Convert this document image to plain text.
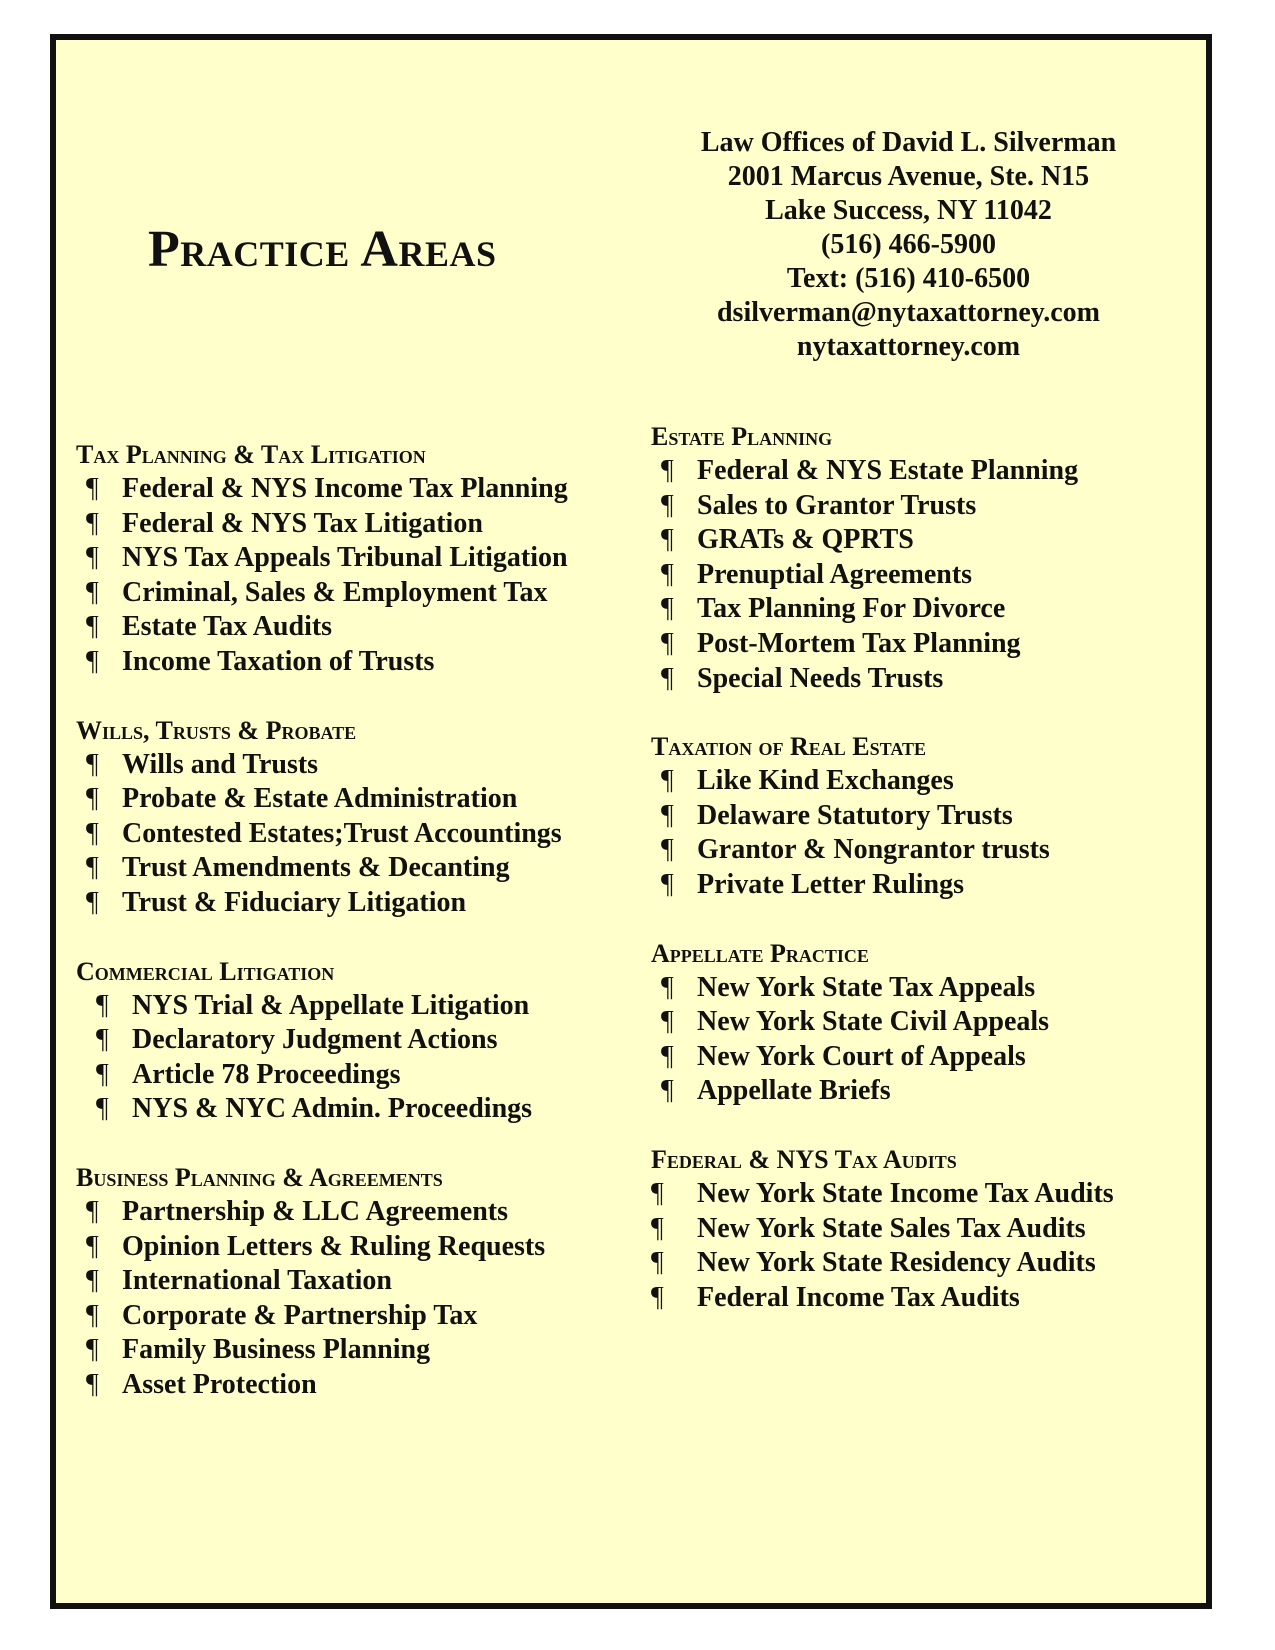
Practice Areas
Law Offices of David L. Silverman
2001 Marcus Avenue, Ste. N15
Lake Success, NY 11042
(516) 466-5900
Text: (516) 410-6500
dsilverman@nytaxattorney.com
nytaxattorney.com
Tax Planning & Tax Litigation
¶ Federal & NYS Income Tax Planning
¶ Federal & NYS Tax Litigation
¶ NYS Tax Appeals Tribunal Litigation
¶ Criminal, Sales & Employment Tax
¶ Estate Tax Audits
¶ Income Taxation of Trusts
Wills, Trusts & Probate
¶ Wills and Trusts
¶ Probate & Estate Administration
¶ Contested Estates;Trust Accountings
¶ Trust Amendments & Decanting
¶ Trust & Fiduciary Litigation
Commercial Litigation
¶ NYS Trial & Appellate Litigation
¶ Declaratory Judgment Actions
¶ Article 78 Proceedings
¶ NYS & NYC Admin. Proceedings
Business Planning & Agreements
¶ Partnership & LLC Agreements
¶ Opinion Letters & Ruling Requests
¶ International Taxation
¶ Corporate & Partnership Tax
¶ Family Business Planning
¶ Asset Protection
Estate Planning
¶ Federal & NYS Estate Planning
¶ Sales to Grantor Trusts
¶ GRATs & QPRTS
¶ Prenuptial Agreements
¶ Tax Planning For Divorce
¶ Post-Mortem Tax Planning
¶ Special Needs Trusts
Taxation of Real Estate
¶ Like Kind Exchanges
¶ Delaware Statutory Trusts
¶ Grantor & Nongrantor trusts
¶ Private Letter Rulings
Appellate Practice
¶ New York State Tax Appeals
¶ New York State Civil Appeals
¶ New York Court of Appeals
¶ Appellate Briefs
Federal & NYS Tax Audits
¶ New York State Income Tax Audits
¶ New York State Sales Tax Audits
¶ New York State Residency Audits
¶ Federal Income Tax Audits
